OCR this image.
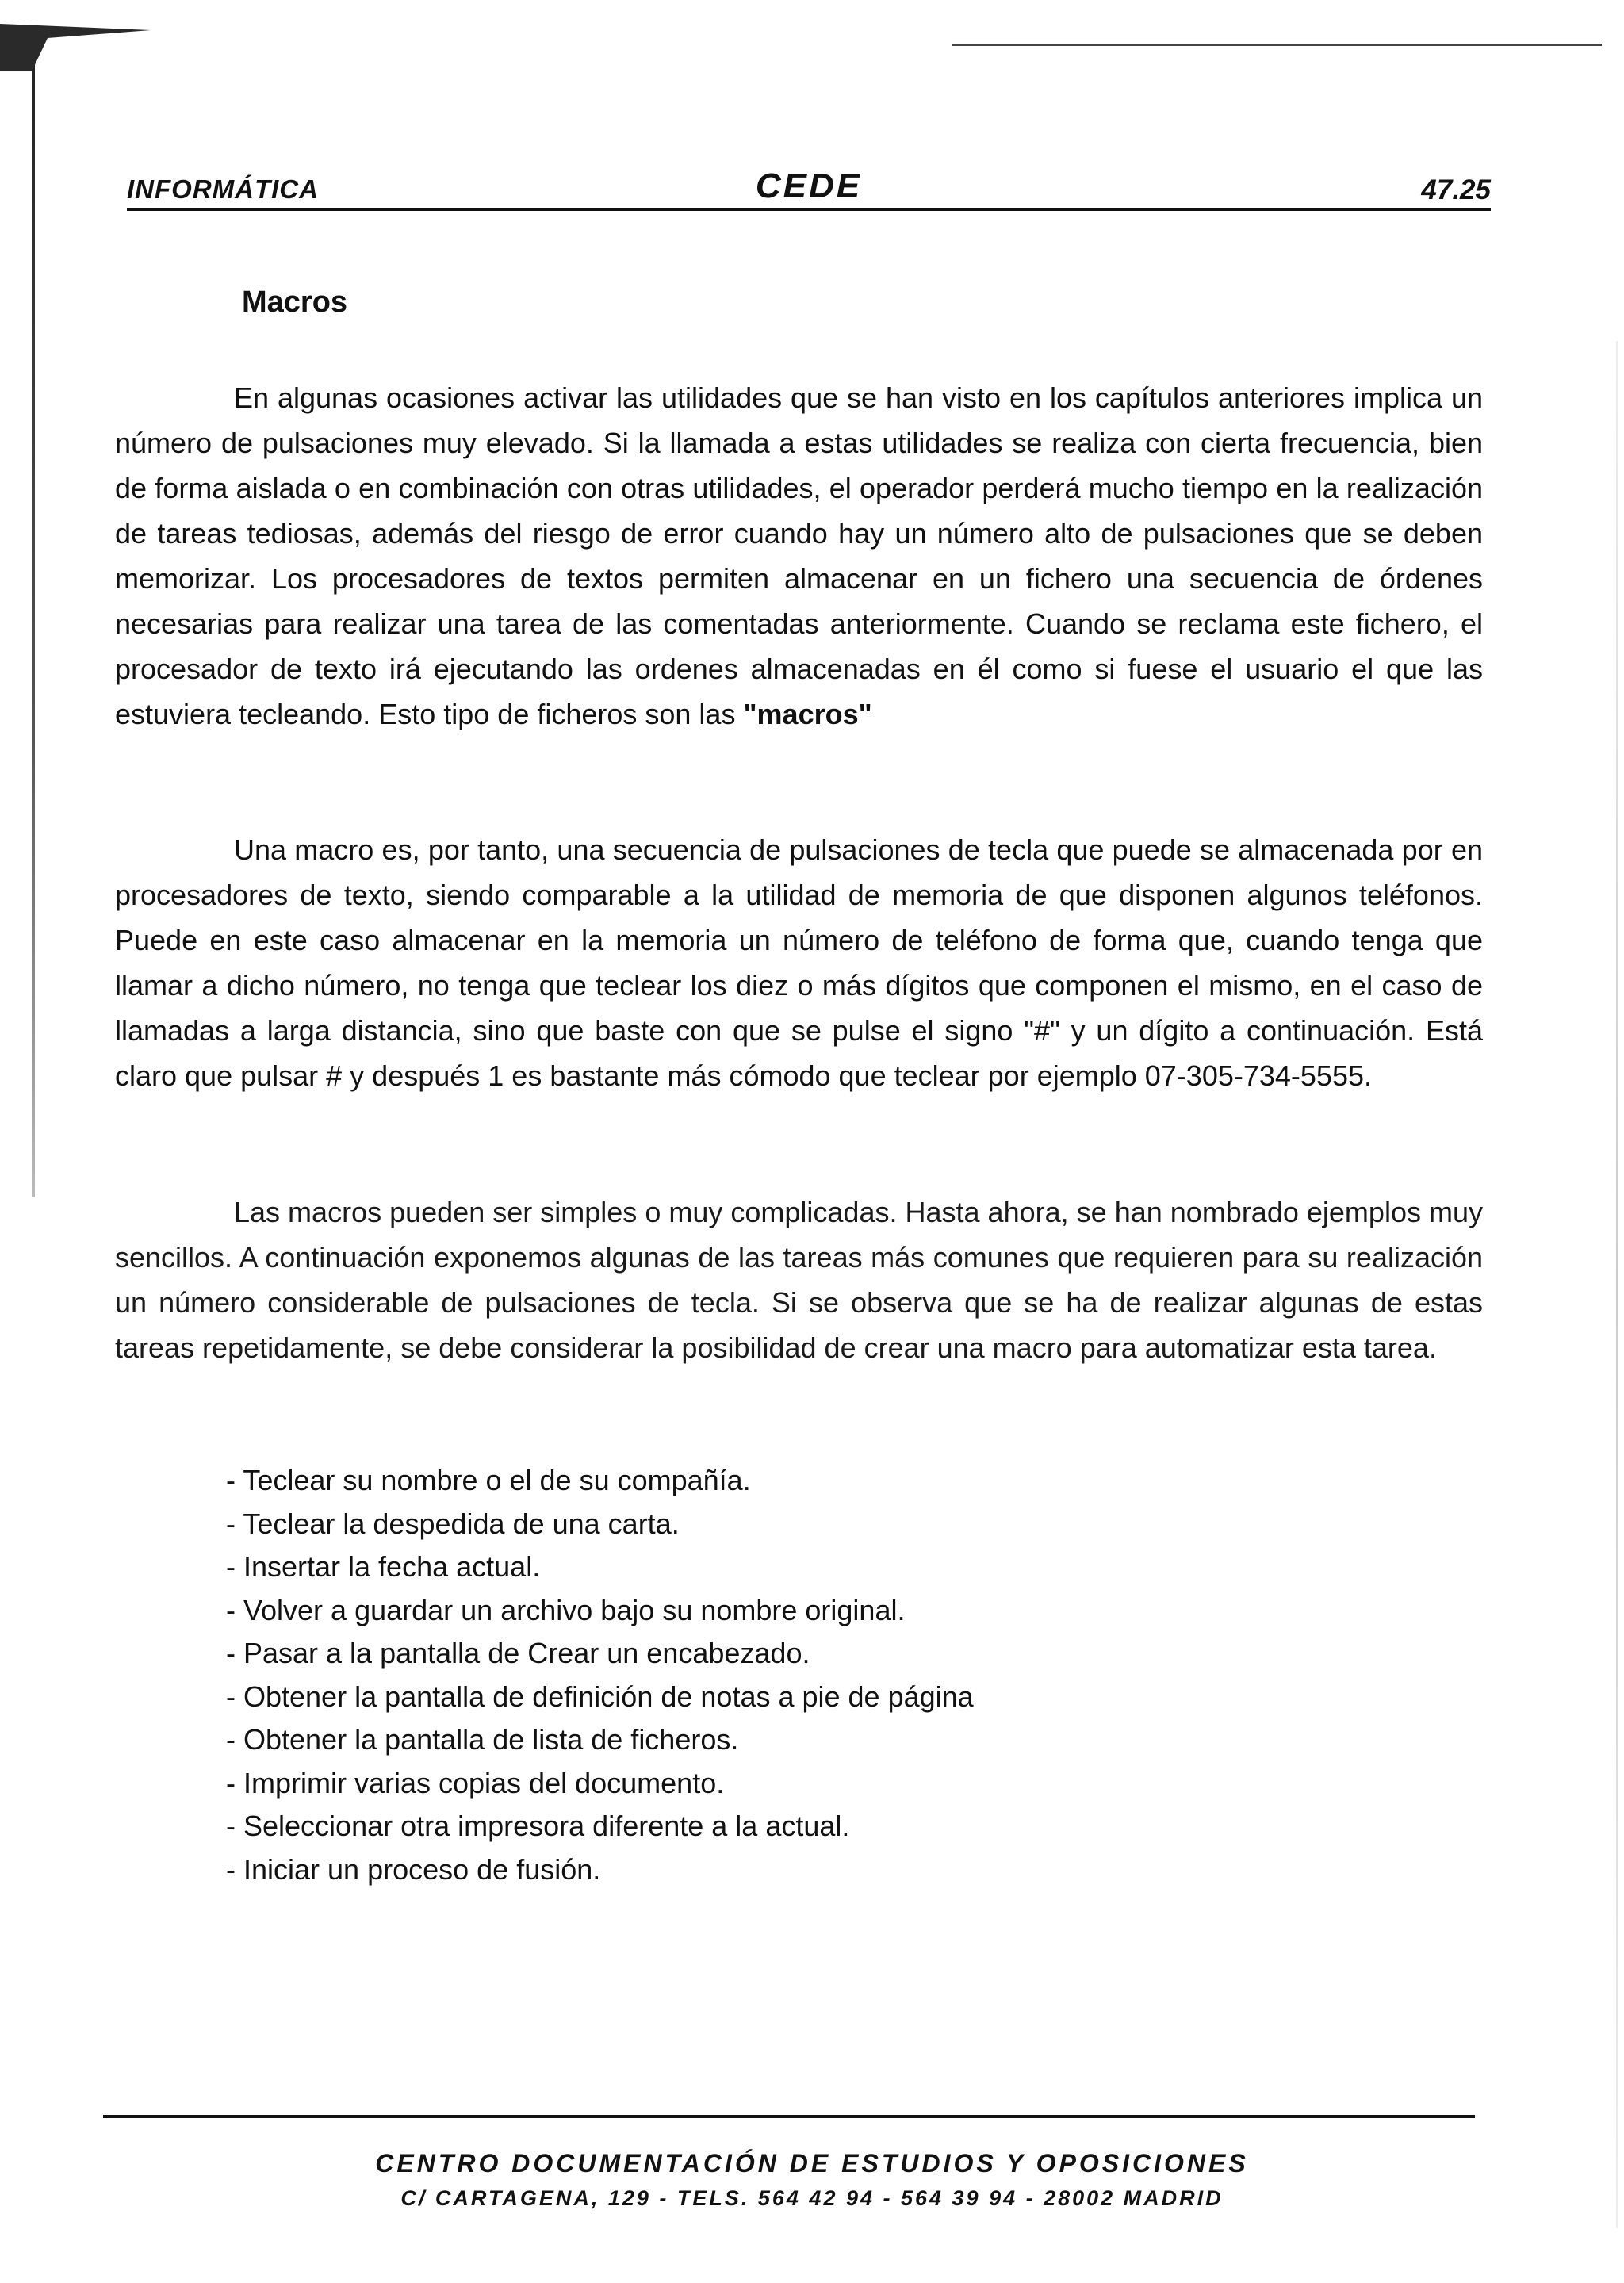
INFORMÁTICA	CEDE	47.25
Macros

En algunas ocasiones activar las utilidades que se han visto en los capítulos anteriores implica un número de pulsaciones muy elevado. Si la llamada a estas utilidades se realiza con cierta frecuencia, bien de forma aislada o en combinación con otras utilidades, el operador perderá mucho tiempo en la realización de tareas tediosas, además del riesgo de error cuando hay un número alto de pulsaciones que se deben memorizar. Los procesadores de textos permiten almacenar en un fichero una secuencia de órdenes necesarias para realizar una tarea de las comentadas anteriormente. Cuando se reclama este fichero, el procesador de texto irá ejecutando las ordenes almacenadas en él como si fuese el usuario el que las estuviera tecleando. Esto tipo de ficheros son las "macros"

Una macro es, por tanto, una secuencia de pulsaciones de tecla que puede se almacenada por en procesadores de texto, siendo comparable a la utilidad de memoria de que disponen algunos teléfonos. Puede en este caso almacenar en la memoria un número de teléfono de forma que, cuando tenga que llamar a dicho número, no tenga que teclear los diez o más dígitos que componen el mismo, en el caso de llamadas a larga distancia, sino que baste con que se pulse el signo "#" y un dígito a continuación. Está claro que pulsar # y después 1 es bastante más cómodo que teclear por ejemplo 07-305-734-5555.

Las macros pueden ser simples o muy complicadas. Hasta ahora, se han nombrado ejemplos muy sencillos. A continuación exponemos algunas de las tareas más comunes que requieren para su realización un número considerable de pulsaciones de tecla. Si se observa que se ha de realizar algunas de estas tareas repetidamente, se debe considerar la posibilidad de crear una macro para automatizar esta tarea.

- Teclear su nombre o el de su compañía.
- Teclear la despedida de una carta.
- Insertar la fecha actual.
- Volver a guardar un archivo bajo su nombre original.
- Pasar a la pantalla de Crear un encabezado.
- Obtener la pantalla de definición de notas a pie de página
- Obtener la pantalla de lista de ficheros.
- Imprimir varias copias del documento.
- Seleccionar otra impresora diferente a la actual.
- Iniciar un proceso de fusión.
CENTRO DOCUMENTACIÓN DE ESTUDIOS Y OPOSICIONES
C/ CARTAGENA, 129 - TELS. 564 42 94 - 564 39 94 - 28002 MADRID
